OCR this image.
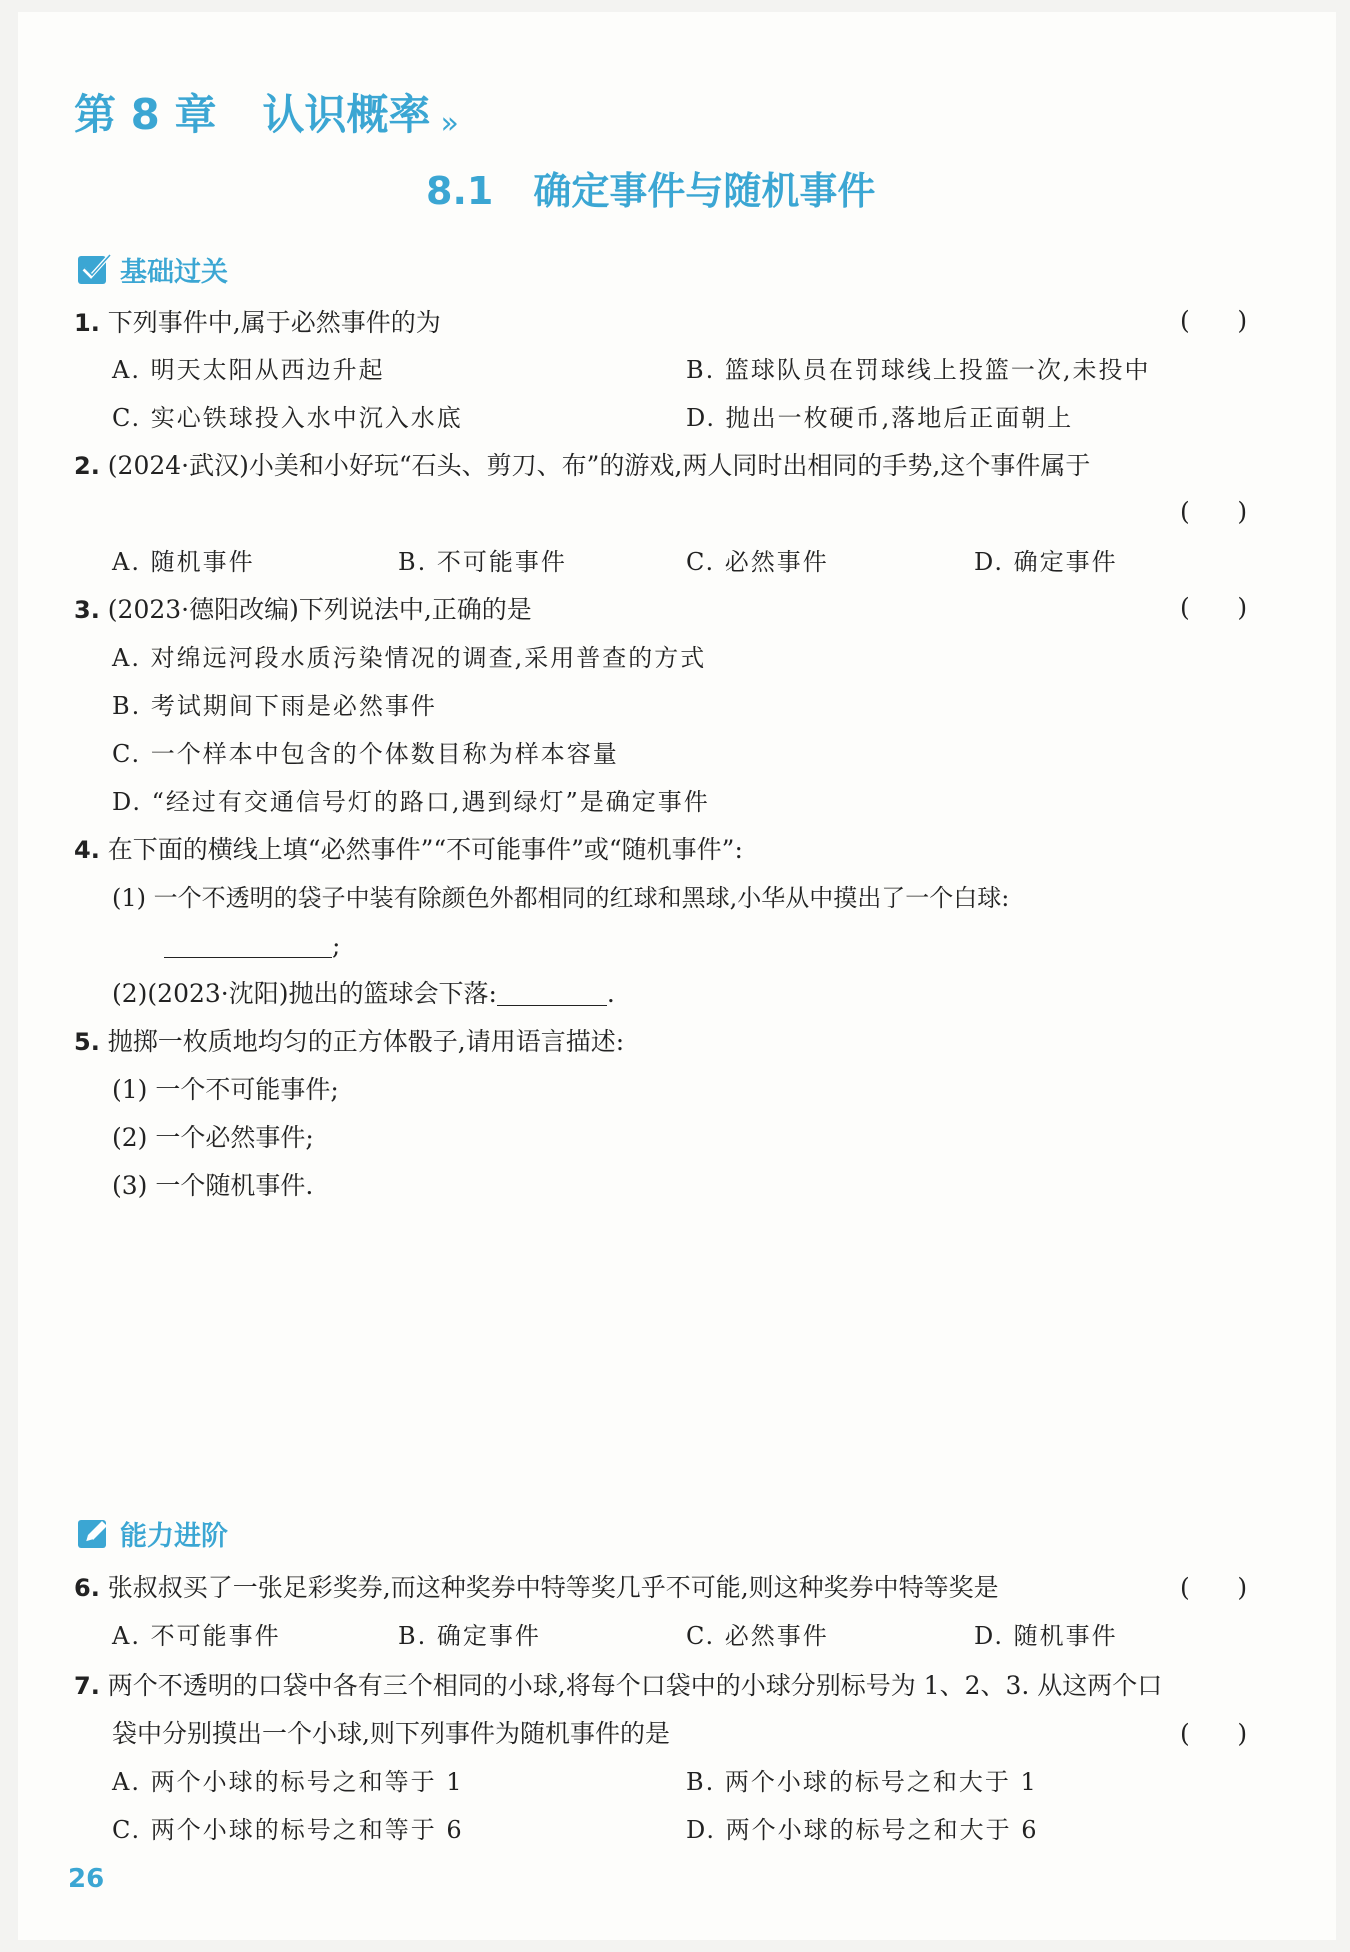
第 8 章 认识概率 »
8.1 确定事件与随机事件
基础过关
1. 下列事件中,属于必然事件的为	(      )
A. 明天太阳从西边升起	B. 篮球队员在罚球线上投篮一次,未投中
C. 实心铁球投入水中沉入水底	D. 抛出一枚硬币,落地后正面朝上
2. (2024·武汉)小美和小好玩“石头、剪刀、布”的游戏,两人同时出相同的手势,这个事件属于
(      )
A. 随机事件	B. 不可能事件	C. 必然事件	D. 确定事件
3. (2023·德阳改编)下列说法中,正确的是	(      )
A. 对绵远河段水质污染情况的调查,采用普查的方式
B. 考试期间下雨是必然事件
C. 一个样本中包含的个体数目称为样本容量
D. “经过有交通信号灯的路口,遇到绿灯”是确定事件
4. 在下面的横线上填“必然事件”“不可能事件”或“随机事件”:
(1) 一个不透明的袋子中装有除颜色外都相同的红球和黑球,小华从中摸出了一个白球:
;
(2)(2023·沈阳)抛出的篮球会下落:	.
5. 抛掷一枚质地均匀的正方体骰子,请用语言描述:
(1) 一个不可能事件;
(2) 一个必然事件;
(3) 一个随机事件.
能力进阶
6. 张叔叔买了一张足彩奖券,而这种奖券中特等奖几乎不可能,则这种奖券中特等奖是	(      )
A. 不可能事件	B. 确定事件	C. 必然事件	D. 随机事件
7. 两个不透明的口袋中各有三个相同的小球,将每个口袋中的小球分别标号为 1、2、3. 从这两个口
袋中分别摸出一个小球,则下列事件为随机事件的是	(      )
A. 两个小球的标号之和等于 1	B. 两个小球的标号之和大于 1
C. 两个小球的标号之和等于 6	D. 两个小球的标号之和大于 6
26
